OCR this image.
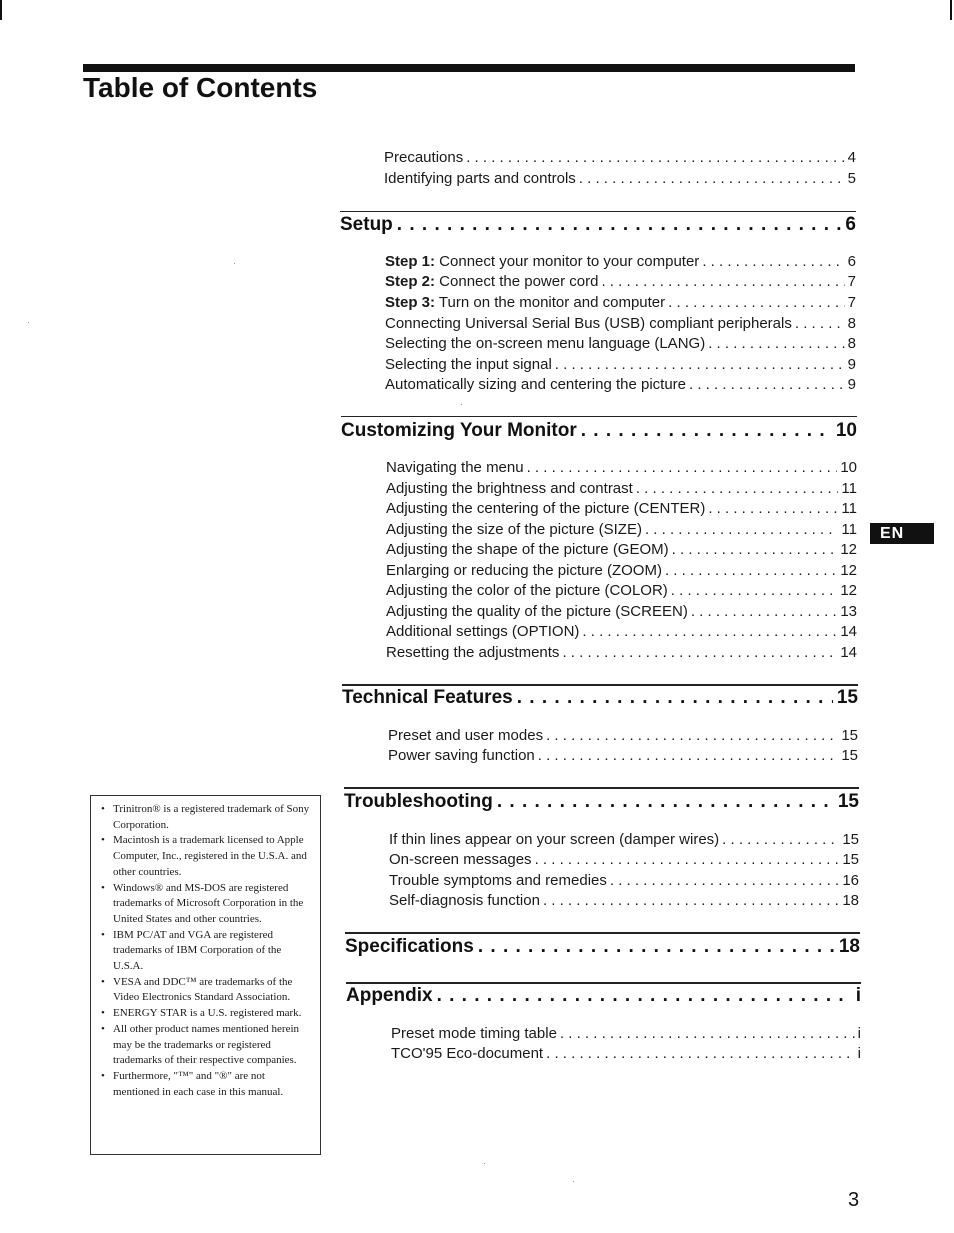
Table of Contents
Precautions . . .	4
Identifying parts and controls . . .	5
Setup . . .	6
Step 1: Connect your monitor to your computer . . .	6
Step 2: Connect the power cord . . .	7
Step 3: Turn on the monitor and computer . . .	7
Connecting Universal Serial Bus (USB) compliant peripherals . . .	8
Selecting the on-screen menu language (LANG) . . .	8
Selecting the input signal . . .	9
Automatically sizing and centering the picture . . .	9
Customizing Your Monitor . . .	10
Navigating the menu . . .	10
Adjusting the brightness and contrast . . .	11
Adjusting the centering of the picture (CENTER) . . .	11
Adjusting the size of the picture (SIZE) . . .	11
Adjusting the shape of the picture (GEOM) . . .	12
Enlarging or reducing the picture (ZOOM) . . .	12
Adjusting the color of the picture (COLOR) . . .	12
Adjusting the quality of the picture (SCREEN) . . .	13
Additional settings (OPTION) . . .	14
Resetting the adjustments . . .	14
Technical Features . . .	15
Preset and user modes . . .	15
Power saving function . . .	15
Troubleshooting . . .	15
If thin lines appear on your screen (damper wires) . . .	15
On-screen messages . . .	15
Trouble symptoms and remedies . . .	16
Self-diagnosis function . . .	18
Specifications . . .	18
Appendix . . .	i
Preset mode timing table . . .	i
TCO'95 Eco-document . . .	i
EN
• Trinitron® is a registered trademark of Sony Corporation.
• Macintosh is a trademark licensed to Apple Computer, Inc., registered in the U.S.A. and other countries.
• Windows® and MS-DOS are registered trademarks of Microsoft Corporation in the United States and other countries.
• IBM PC/AT and VGA are registered trademarks of IBM Corporation of the U.S.A.
• VESA and DDC™ are trademarks of the Video Electronics Standard Association.
• ENERGY STAR is a U.S. registered mark.
• All other product names mentioned herein may be the trademarks or registered trademarks of their respective companies.
• Furthermore, "™" and "®" are not mentioned in each case in this manual.
3
